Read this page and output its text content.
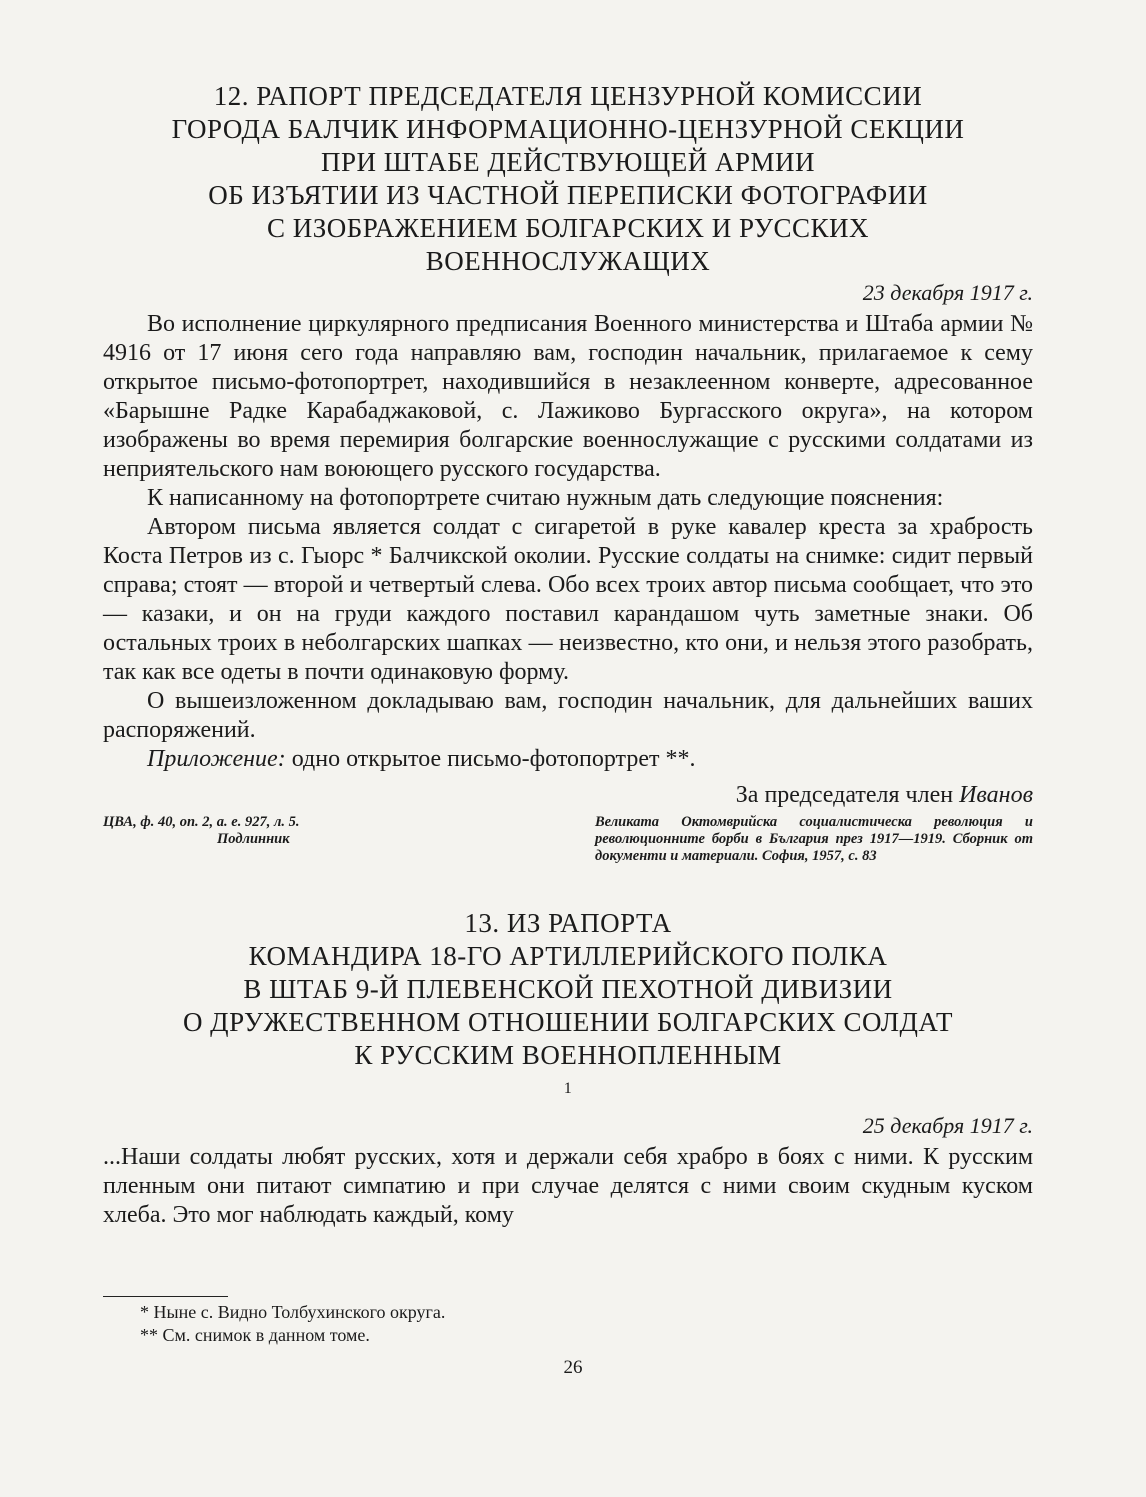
12. РАПОРТ ПРЕДСЕДАТЕЛЯ ЦЕНЗУРНОЙ КОМИССИИ
ГОРОДА БАЛЧИК ИНФОРМАЦИОННО-ЦЕНЗУРНОЙ СЕКЦИИ
ПРИ ШТАБЕ ДЕЙСТВУЮЩЕЙ АРМИИ
ОБ ИЗЪЯТИИ ИЗ ЧАСТНОЙ ПЕРЕПИСКИ ФОТОГРАФИИ
С ИЗОБРАЖЕНИЕМ БОЛГАРСКИХ И РУССКИХ
ВОЕННОСЛУЖАЩИХ
23 декабря 1917 г.

Во исполнение циркулярного предписания Военного министерства и Штаба армии № 4916 от 17 июня сего года направляю вам, господин начальник, прилагаемое к сему открытое письмо-фотопортрет, находившийся в незаклеенном конверте, адресованное «Барышне Радке Карабаджаковой, с. Лажиково Бургасского округа», на котором изображены во время перемирия болгарские военнослужащие с русскими солдатами из неприятельского нам воюющего русского государства.

К написанному на фотопортрете считаю нужным дать следующие пояснения:

Автором письма является солдат с сигаретой в руке кавалер креста за храбрость Коста Петров из с. Гыорс * Балчикской околии. Русские солдаты на снимке: сидит первый справа; стоят — второй и четвертый слева. Обо всех троих автор письма сообщает, что это — казаки, и он на груди каждого поставил карандашом чуть заметные знаки. Об остальных троих в неболгарских шапках — неизвестно, кто они, и нельзя этого разобрать, так как все одеты в почти одинаковую форму.

О вышеизложенном докладываю вам, господин начальник, для дальнейших ваших распоряжений.

Приложение: одно открытое письмо-фотопортрет **.

За председателя член Иванов
ЦВА, ф. 40, оп. 2, а. е. 927, л. 5.
Подлинник
Великата Октомврийска социалистическа революция и революционните борби в България през 1917—1919. Сборник от документи и материали. София, 1957, с. 83
13. ИЗ РАПОРТА
КОМАНДИРА 18-ГО АРТИЛЛЕРИЙСКОГО ПОЛКА
В ШТАБ 9-Й ПЛЕВЕНСКОЙ ПЕХОТНОЙ ДИВИЗИИ
О ДРУЖЕСТВЕННОМ ОТНОШЕНИИ БОЛГАРСКИХ СОЛДАТ
К РУССКИМ ВОЕННОПЛЕННЫМ
$^1$
25 декабря 1917 г.

...Наши солдаты любят русских, хотя и держали себя храбро в боях с ними. К русским пленным они питают симпатию и при случае делятся с ними своим скудным куском хлеба. Это мог наблюдать каждый, кому

* Ныне с. Видно Толбухинского округа.
** См. снимок в данном томе.
26
